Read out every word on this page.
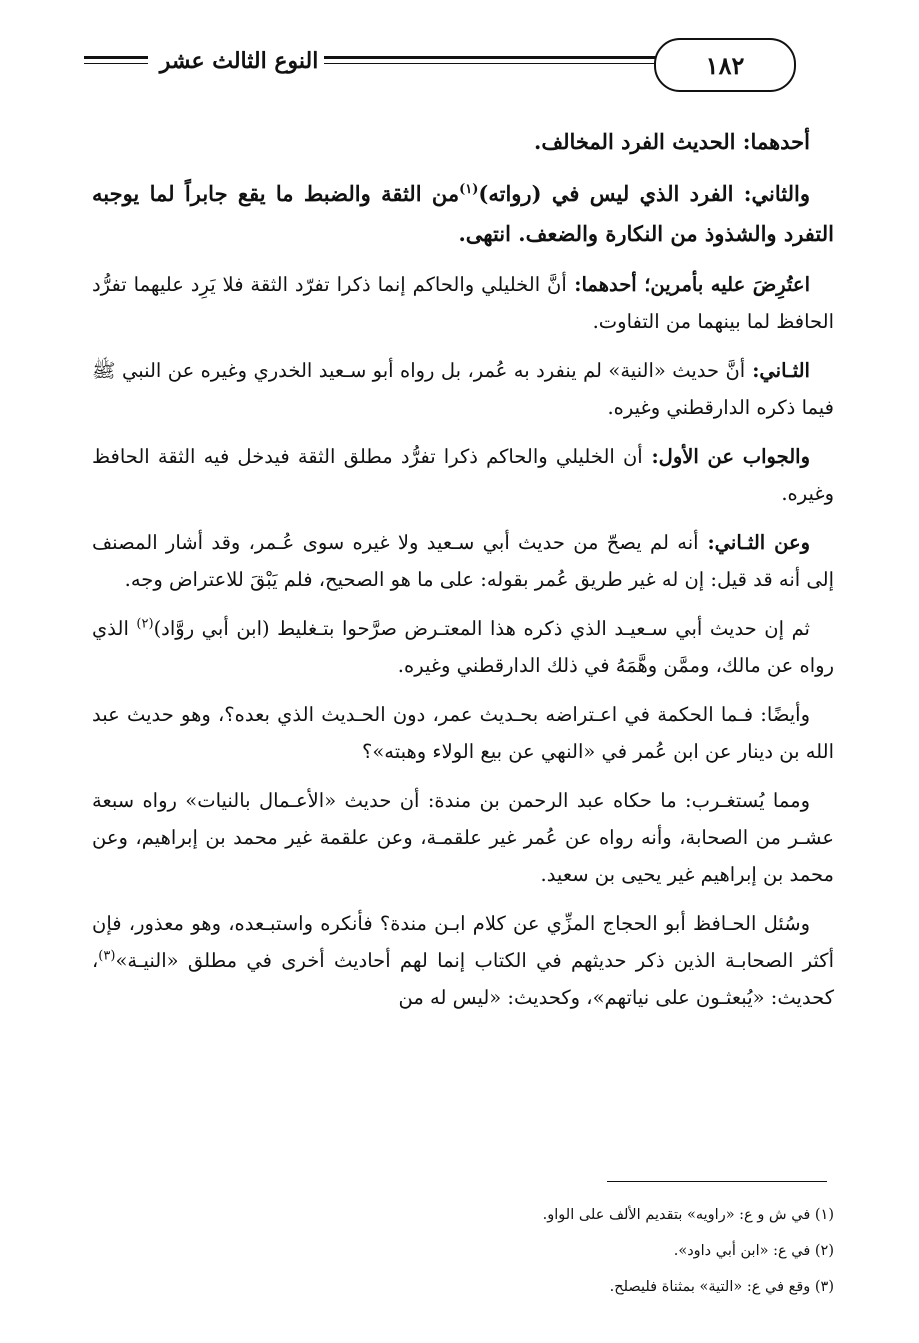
١٨٢
النوع الثالث عشر

أحدهما: الحديث الفرد المخالف.

والثاني: الفرد الذي ليس في (رواته)$^{(١)}$من الثقة والضبط ما يقع جابراً لما يوجبه التفرد والشذوذ من النكارة والضعف. انتهى.

اعتُرِضَ عليه بأمرين؛ أحدهما: أنَّ الخليلي والحاكم إنما ذكرا تفرّد الثقة فلا يَرِد عليهما تفرُّد الحافظ لما بينهما من التفاوت.

الثـاني: أنَّ حديث «النية» لم ينفرد به عُمر، بل رواه أبو سـعيد الخدري وغيره عن النبي ﷺ فيما ذكره الدارقطني وغيره.

والجواب عن الأول: أن الخليلي والحاكم ذكرا تفرُّد مطلق الثقة فيدخل فيه الثقة الحافظ وغيره.

وعن الثـاني: أنه لم يصحّ من حديث أبي سـعيد ولا غيره سوى عُـمر، وقد أشار المصنف إلى أنه قد قيل: إن له غير طريق عُمر بقوله: على ما هو الصحيح، فلم يَبْقَ للاعتراض وجه.

ثم إن حديث أبي سـعيـد الذي ذكره هذا المعتـرض صرَّحوا بتـغليط (ابن أبي روَّاد)$^{(٢)}$ الذي رواه عن مالك، وممَّن وهَّمَهُ في ذلك الدارقطني وغيره.

وأيضًا: فـما الحكمة في اعـتراضه بحـديث عمر، دون الحـديث الذي بعده؟، وهو حديث عبد الله بن دينار عن ابن عُمر في «النهي عن بيع الولاء وهبته»؟

ومما يُستغـرب: ما حكاه عبد الرحمن بن مندة: أن حديث «الأعـمال بالنيات» رواه سبعة عشـر من الصحابة، وأنه رواه عن عُمر غير علقمـة، وعن علقمة غير محمد بن إبراهيم، وعن محمد بن إبراهيم غير يحيى بن سعيد.

وسُئل الحـافظ أبو الحجاج المزِّي عن كلام ابـن مندة؟ فأنكره واستبـعده، وهو معذور، فإن أكثر الصحابـة الذين ذكر حديثهم في الكتاب إنما لهم أحاديث أخرى في مطلق «النيـة»$^{(٣)}$، كحديث: «يُبعثـون على نياتهم»، وكحديث: «ليس له من

(١) في ش و ع: «راويه» بتقديم الألف على الواو.

(٢) في ع: «ابن أبي داود».

(٣) وقع في ع: «التية» بمثناة فليصلح.
